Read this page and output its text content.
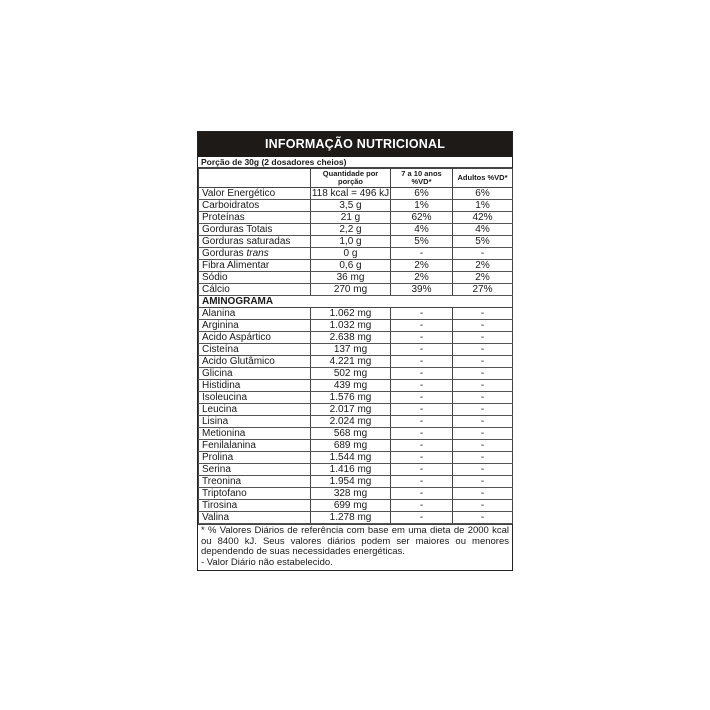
INFORMAÇÃO NUTRICIONAL
Porção de 30g (2 dosadores cheios)
	Quantidade por porção	7 a 10 anos %VD*	Adultos %VD*
Valor Energético	118 kcal = 496 kJ	6%	6%
Carboidratos	3,5 g	1%	1%
Proteínas	21 g	62%	42%
Gorduras Totais	2,2 g	4%	4%
Gorduras saturadas	1,0 g	5%	5%
Gorduras trans	0 g	-	-
Fibra Alimentar	0,6 g	2%	2%
Sódio	36 mg	2%	2%
Cálcio	270 mg	39%	27%
AMINOGRAMA			
Alanina	1.062 mg	-	-
Arginina	1.032 mg	-	-
Ácido Aspártico	2.638 mg	-	-
Cisteína	137 mg	-	-
Ácido Glutâmico	4.221 mg	-	-
Glicina	502 mg	-	-
Histidina	439 mg	-	-
Isoleucina	1.576 mg	-	-
Leucina	2.017 mg	-	-
Lisina	2.024 mg	-	-
Metionina	568 mg	-	-
Fenilalanina	689 mg	-	-
Prolina	1.544 mg	-	-
Serina	1.416 mg	-	-
Treonina	1.954 mg	-	-
Triptofano	328 mg	-	-
Tirosina	699 mg	-	-
Valina	1.278 mg	-	-
* % Valores Diários de referência com base em uma dieta de 2000 kcal ou 8400 kJ. Seus valores diários podem ser maiores ou menores dependendo de suas necessidades energéticas.
- Valor Diário não estabelecido.
